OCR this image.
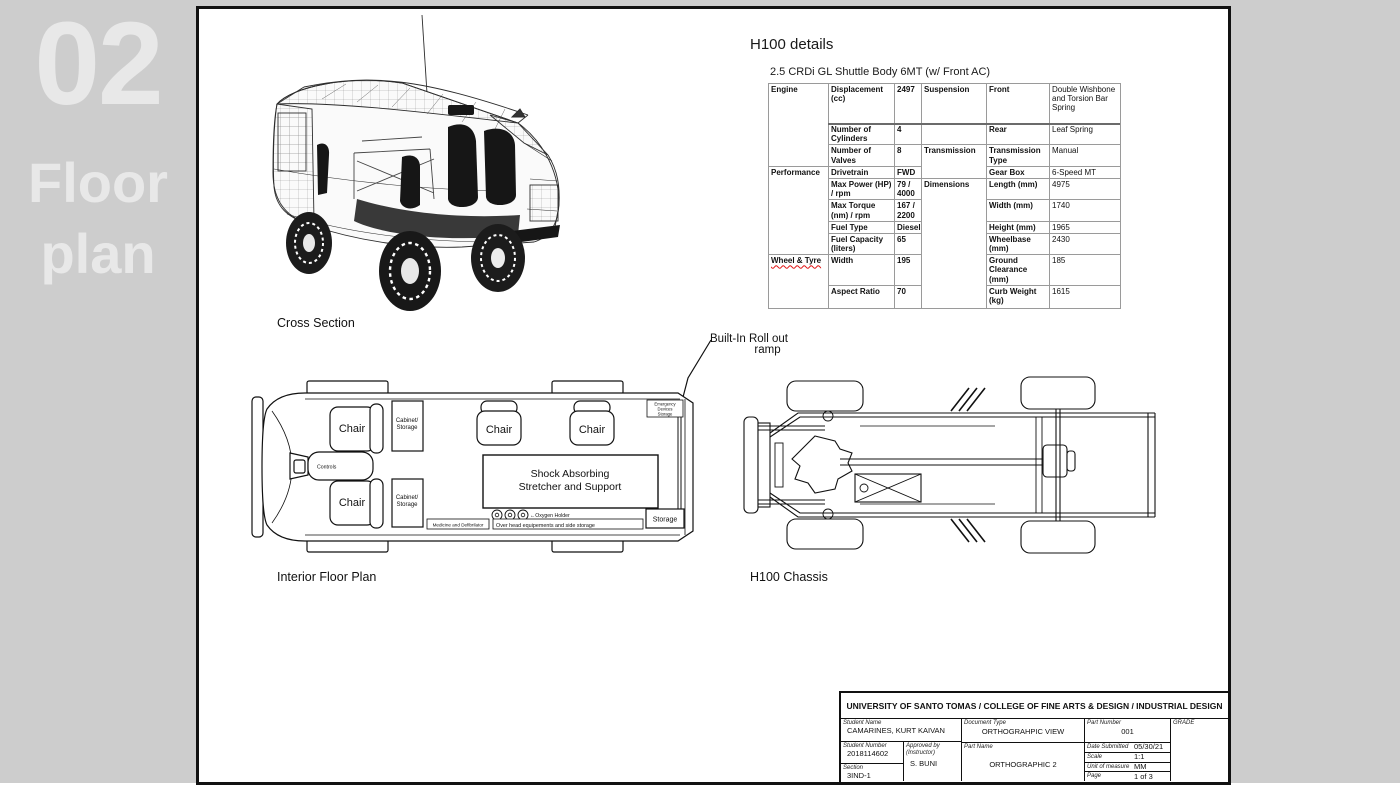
02
Floor
plan
H100 details
2.5 CRDi GL Shuttle Body 6MT (w/ Front AC)
Cross Section
Interior Floor Plan	H100 Chassis
Built-In Roll out
ramp
Engine	Displacement (cc)	2497	Suspension	Front	Double Wishbone and Torsion Bar Spring
	Number of Cylinders	4		Rear	Leaf Spring
	Number of Valves	8	Transmission	Transmission Type	Manual
Performance	Drivetrain	FWD		Gear Box	6-Speed MT
	Max Power (HP) / rpm	79 / 4000	Dimensions	Length (mm)	4975
	Max Torque (nm) / rpm	167 / 2200		Width (mm)	1740
	Fuel Type	Diesel		Height (mm)	1965
	Fuel Capacity (liters)	65		Wheelbase (mm)	2430
Wheel & Tyre	Width	195		Ground Clearance (mm)	185
	Aspect Ratio	70		Curb Weight (kg)	1615
Chair
Chair
Chair	Chair
Controls
Cabinet/
Storage
Cabinet/
Storage
Shock Absorbing
Stretcher and Support
Emergency
Devices
Storage
←Oxygen Holder
Medicine and Defibrilator Over head equipements and side storage
Storage
UNIVERSITY OF SANTO TOMAS / COLLEGE OF FINE ARTS & DESIGN / INDUSTRIAL DESIGN
Student Name
CAMARINES, KURT KAIVAN
Student Number
2018114602
Section
3IND-1
Approved by (Instructor)
S. BUNI
Document Type
ORTHOGRAHPIC VIEW
Part Name
ORTHOGRAPHIC 2
Part Number
001
Date Submitted 05/30/21
Scale	1:1
Unit of measure MM
Page	1 of 3
GRADE
